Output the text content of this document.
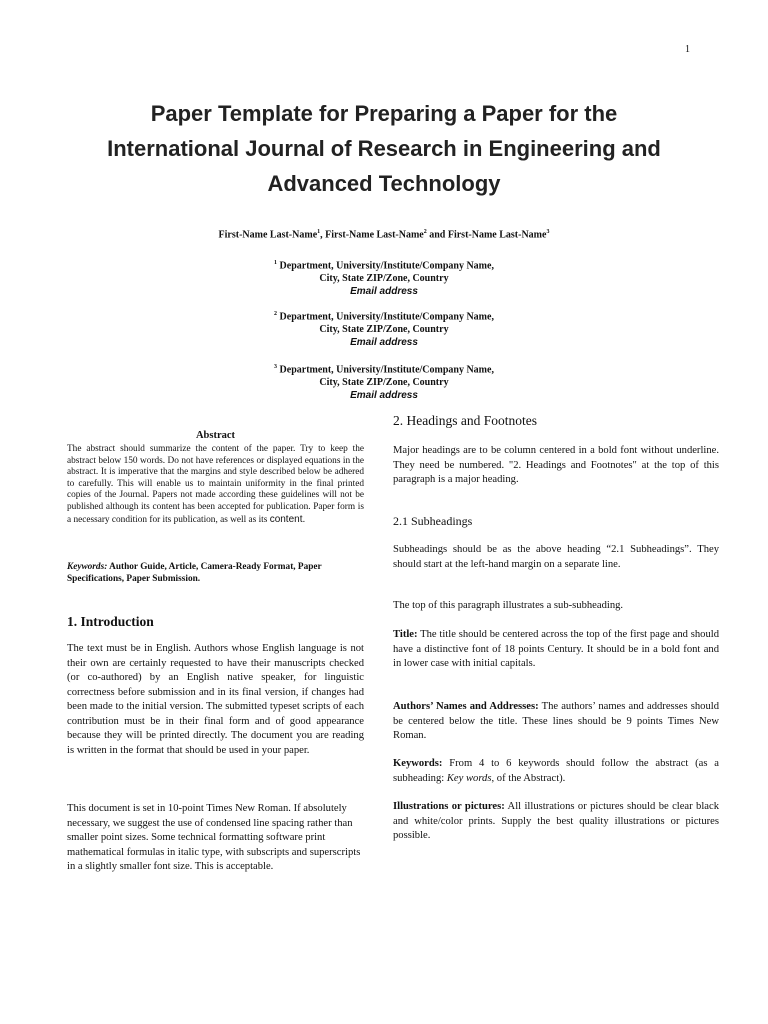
1
Paper Template for Preparing a Paper for the
International Journal of Research in Engineering and
Advanced Technology
First-Name Last-Name$^1$, First-Name Last-Name$^2$ and First-Name Last-Name$^3$
$^1$ Department, University/Institute/Company Name,
City, State ZIP/Zone, Country
Email address
$^2$ Department, University/Institute/Company Name,
City, State ZIP/Zone, Country
Email address
$^3$ Department, University/Institute/Company Name,
City, State ZIP/Zone, Country
Email address
Abstract

The abstract should summarize the content of the paper. Try to keep the abstract below 150 words. Do not have references or displayed equations in the abstract. It is imperative that the margins and style described below be adhered to carefully. This will enable us to maintain uniformity in the final printed copies of the Journal. Papers not made according these guidelines will not be published although its content has been accepted for publication. Paper form is a necessary condition for its publication, as well as its content.

Keywords: Author Guide, Article, Camera-Ready Format, Paper Specifications, Paper Submission.

1. Introduction

The text must be in English. Authors whose English language is not their own are certainly requested to have their manuscripts checked (or co-authored) by an English native speaker, for linguistic correctness before submission and in its final version, if changes had been made to the initial version. The submitted typeset scripts of each contribution must be in their final form and of good appearance because they will be printed directly. The document you are reading is written in the format that should be used in your paper.

This document is set in 10-point Times New Roman. If absolutely necessary, we suggest the use of condensed line spacing rather than smaller point sizes. Some technical formatting software print mathematical formulas in italic type, with subscripts and superscripts in a slightly smaller font size. This is acceptable.

2. Headings and Footnotes

Major headings are to be column centered in a bold font without underline. They need be numbered. "2. Headings and Footnotes" at the top of this paragraph is a major heading.

2.1 Subheadings

Subheadings should be as the above heading “2.1 Subheadings”. They should start at the left-hand margin on a separate line.

The top of this paragraph illustrates a sub-subheading.

Title: The title should be centered across the top of the first page and should have a distinctive font of 18 points Century. It should be in a bold font and in lower case with initial capitals.

Authors’ Names and Addresses: The authors’ names and addresses should be centered below the title. These lines should be 9 points Times New Roman.

Keywords: From 4 to 6 keywords should follow the abstract (as a subheading: Key words, of the Abstract).

Illustrations or pictures: All illustrations or pictures should be clear black and white/color prints. Supply the best quality illustrations or pictures possible.
